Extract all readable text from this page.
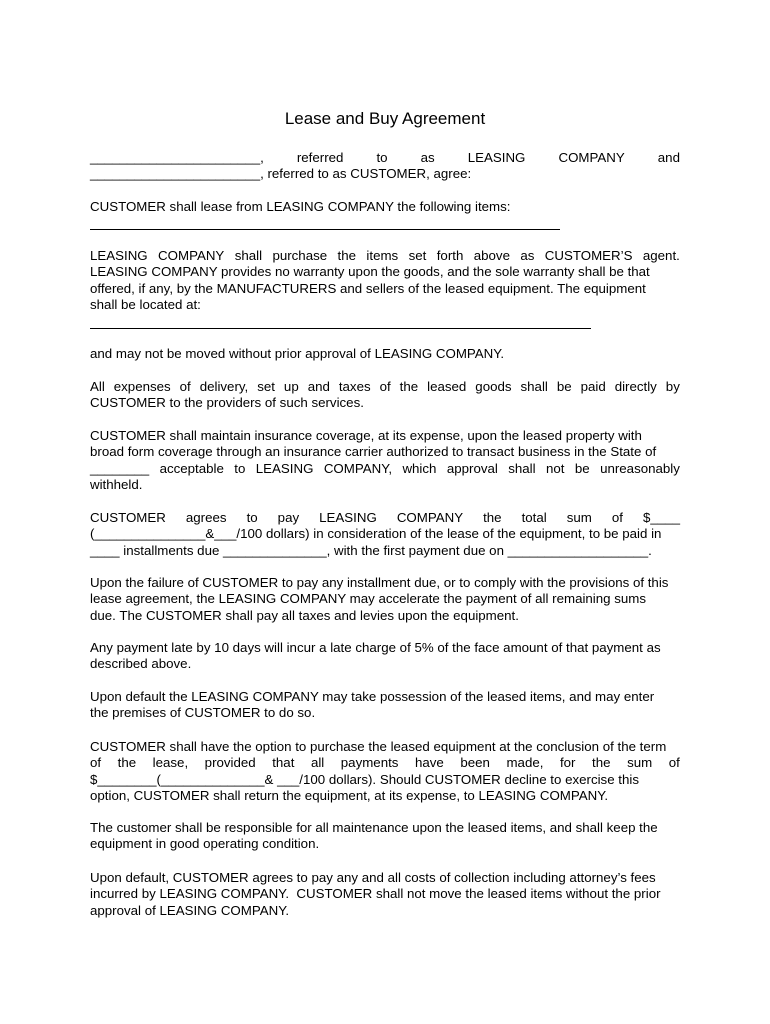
Lease and Buy Agreement
_______________________, referred to as LEASING COMPANY and
_______________________, referred to as CUSTOMER, agree:
CUSTOMER shall lease from LEASING COMPANY the following items:
LEASING COMPANY shall purchase the items set forth above as CUSTOMER’S agent.
LEASING COMPANY provides no warranty upon the goods, and the sole warranty shall be that
offered, if any, by the MANUFACTURERS and sellers of the leased equipment. The equipment
shall be located at:
and may not be moved without prior approval of LEASING COMPANY.
All expenses of delivery, set up and taxes of the leased goods shall be paid directly by
CUSTOMER to the providers of such services.
CUSTOMER shall maintain insurance coverage, at its expense, upon the leased property with
broad form coverage through an insurance carrier authorized to transact business in the State of
________ acceptable to LEASING COMPANY, which approval shall not be unreasonably
withheld.
CUSTOMER agrees to pay LEASING COMPANY the total sum of $____
(_______________&___/100 dollars) in consideration of the lease of the equipment, to be paid in
____ installments due ______________, with the first payment due on ___________________.
Upon the failure of CUSTOMER to pay any installment due, or to comply with the provisions of this
lease agreement, the LEASING COMPANY may accelerate the payment of all remaining sums
due. The CUSTOMER shall pay all taxes and levies upon the equipment.
Any payment late by 10 days will incur a late charge of 5% of the face amount of that payment as
described above.
Upon default the LEASING COMPANY may take possession of the leased items, and may enter
the premises of CUSTOMER to do so.
CUSTOMER shall have the option to purchase the leased equipment at the conclusion of the term
of the lease, provided that all payments have been made, for the sum of
$________(______________& ___/100 dollars). Should CUSTOMER decline to exercise this
option, CUSTOMER shall return the equipment, at its expense, to LEASING COMPANY.
The customer shall be responsible for all maintenance upon the leased items, and shall keep the
equipment in good operating condition.
Upon default, CUSTOMER agrees to pay any and all costs of collection including attorney’s fees
incurred by LEASING COMPANY.  CUSTOMER shall not move the leased items without the prior
approval of LEASING COMPANY.
